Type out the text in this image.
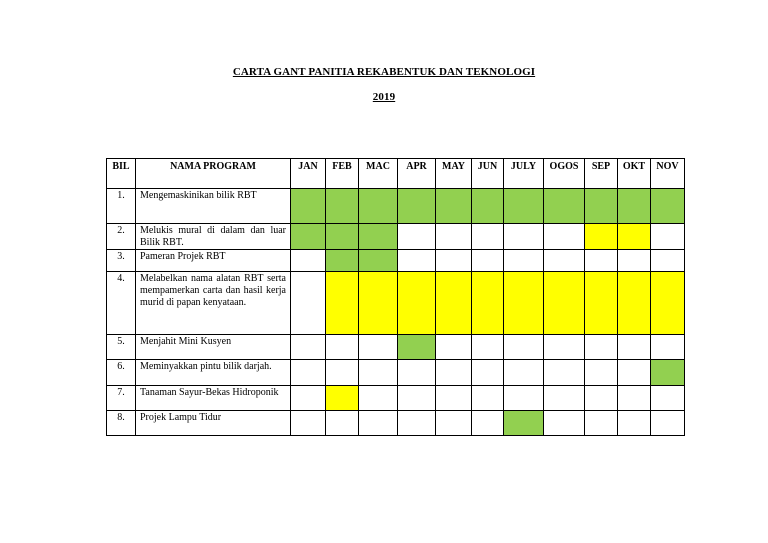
CARTA GANT PANITIA REKABENTUK DAN TEKNOLOGI
2019
BIL	NAMA PROGRAM	JAN	FEB	MAC	APR	MAY	JUN	JULY	OGOS	SEP	OKT	NOV
1.	Mengemaskinikan bilik RBT											
2.	Melukis mural di dalam dan luar Bilik RBT.											
3.	Pameran Projek RBT											
4.	Melabelkan nama alatan RBT serta mempamerkan carta dan hasil kerja murid di papan kenyataan.											
5.	Menjahit Mini Kusyen											
6.	Meminyakkan pintu bilik darjah.											
7.	Tanaman Sayur-Bekas Hidroponik											
8.	Projek Lampu Tidur											
